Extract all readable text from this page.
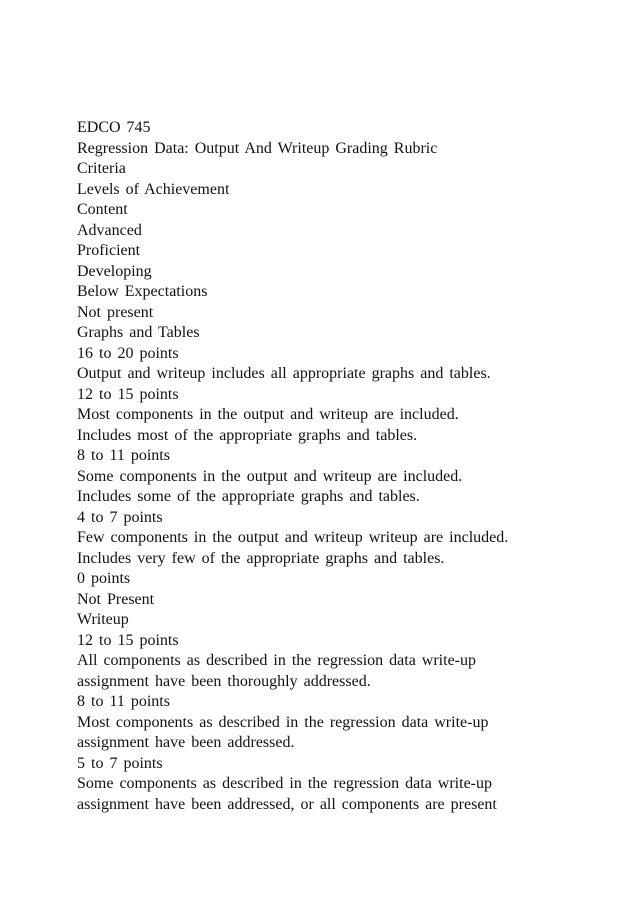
EDCO 745
Regression Data: Output And Writeup Grading Rubric
Criteria
Levels of Achievement
Content
Advanced
Proficient
Developing
Below Expectations
Not present
Graphs and Tables
16 to 20 points
Output and writeup includes all appropriate graphs and tables.
12 to 15 points
Most components in the output and writeup are included.
Includes most of the appropriate graphs and tables.
8 to 11 points
Some components in the output and writeup are included.
Includes some of the appropriate graphs and tables.
4 to 7 points
Few components in the output and writeup writeup are included.
Includes very few of the appropriate graphs and tables.
0 points
Not Present
Writeup
12 to 15 points
All components as described in the regression data write-up
assignment have been thoroughly addressed.
8 to 11 points
Most components as described in the regression data write-up
assignment have been addressed.
5 to 7 points
Some components as described in the regression data write-up
assignment have been addressed, or all components are present
